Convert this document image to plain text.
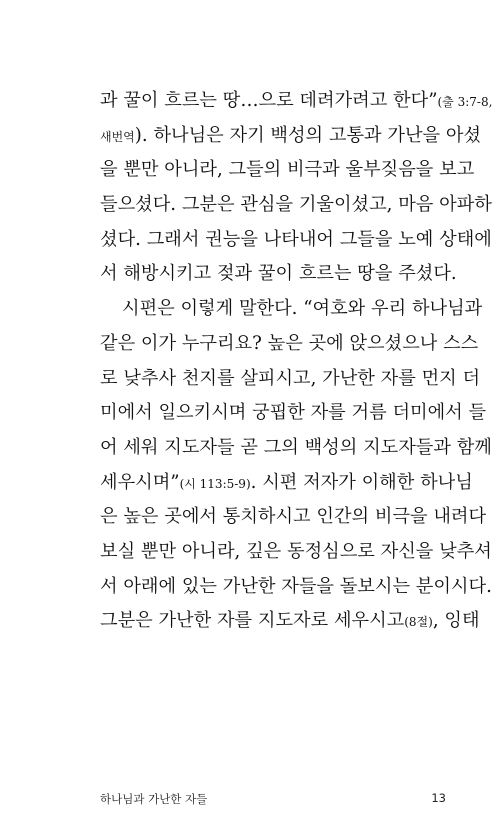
과 꿀이 흐르는 땅…으로 데려가려고 한다”(출 3:7-8,
새번역). 하나님은 자기 백성의 고통과 가난을 아셨
을 뿐만 아니라, 그들의 비극과 울부짖음을 보고
들으셨다. 그분은 관심을 기울이셨고, 마음 아파하
셨다. 그래서 권능을 나타내어 그들을 노예 상태에
서 해방시키고 젖과 꿀이 흐르는 땅을 주셨다.
시편은 이렇게 말한다. “여호와 우리 하나님과
같은 이가 누구리요? 높은 곳에 앉으셨으나 스스
로 낮추사 천지를 살피시고, 가난한 자를 먼지 더
미에서 일으키시며 궁핍한 자를 거름 더미에서 들
어 세워 지도자들 곧 그의 백성의 지도자들과 함께
세우시며”(시 113:5-9). 시편 저자가 이해한 하나님
은 높은 곳에서 통치하시고 인간의 비극을 내려다
보실 뿐만 아니라, 깊은 동정심으로 자신을 낮추셔
서 아래에 있는 가난한 자들을 돌보시는 분이시다.
그분은 가난한 자를 지도자로 세우시고(8절), 잉태
하나님과 가난한 자들	13
